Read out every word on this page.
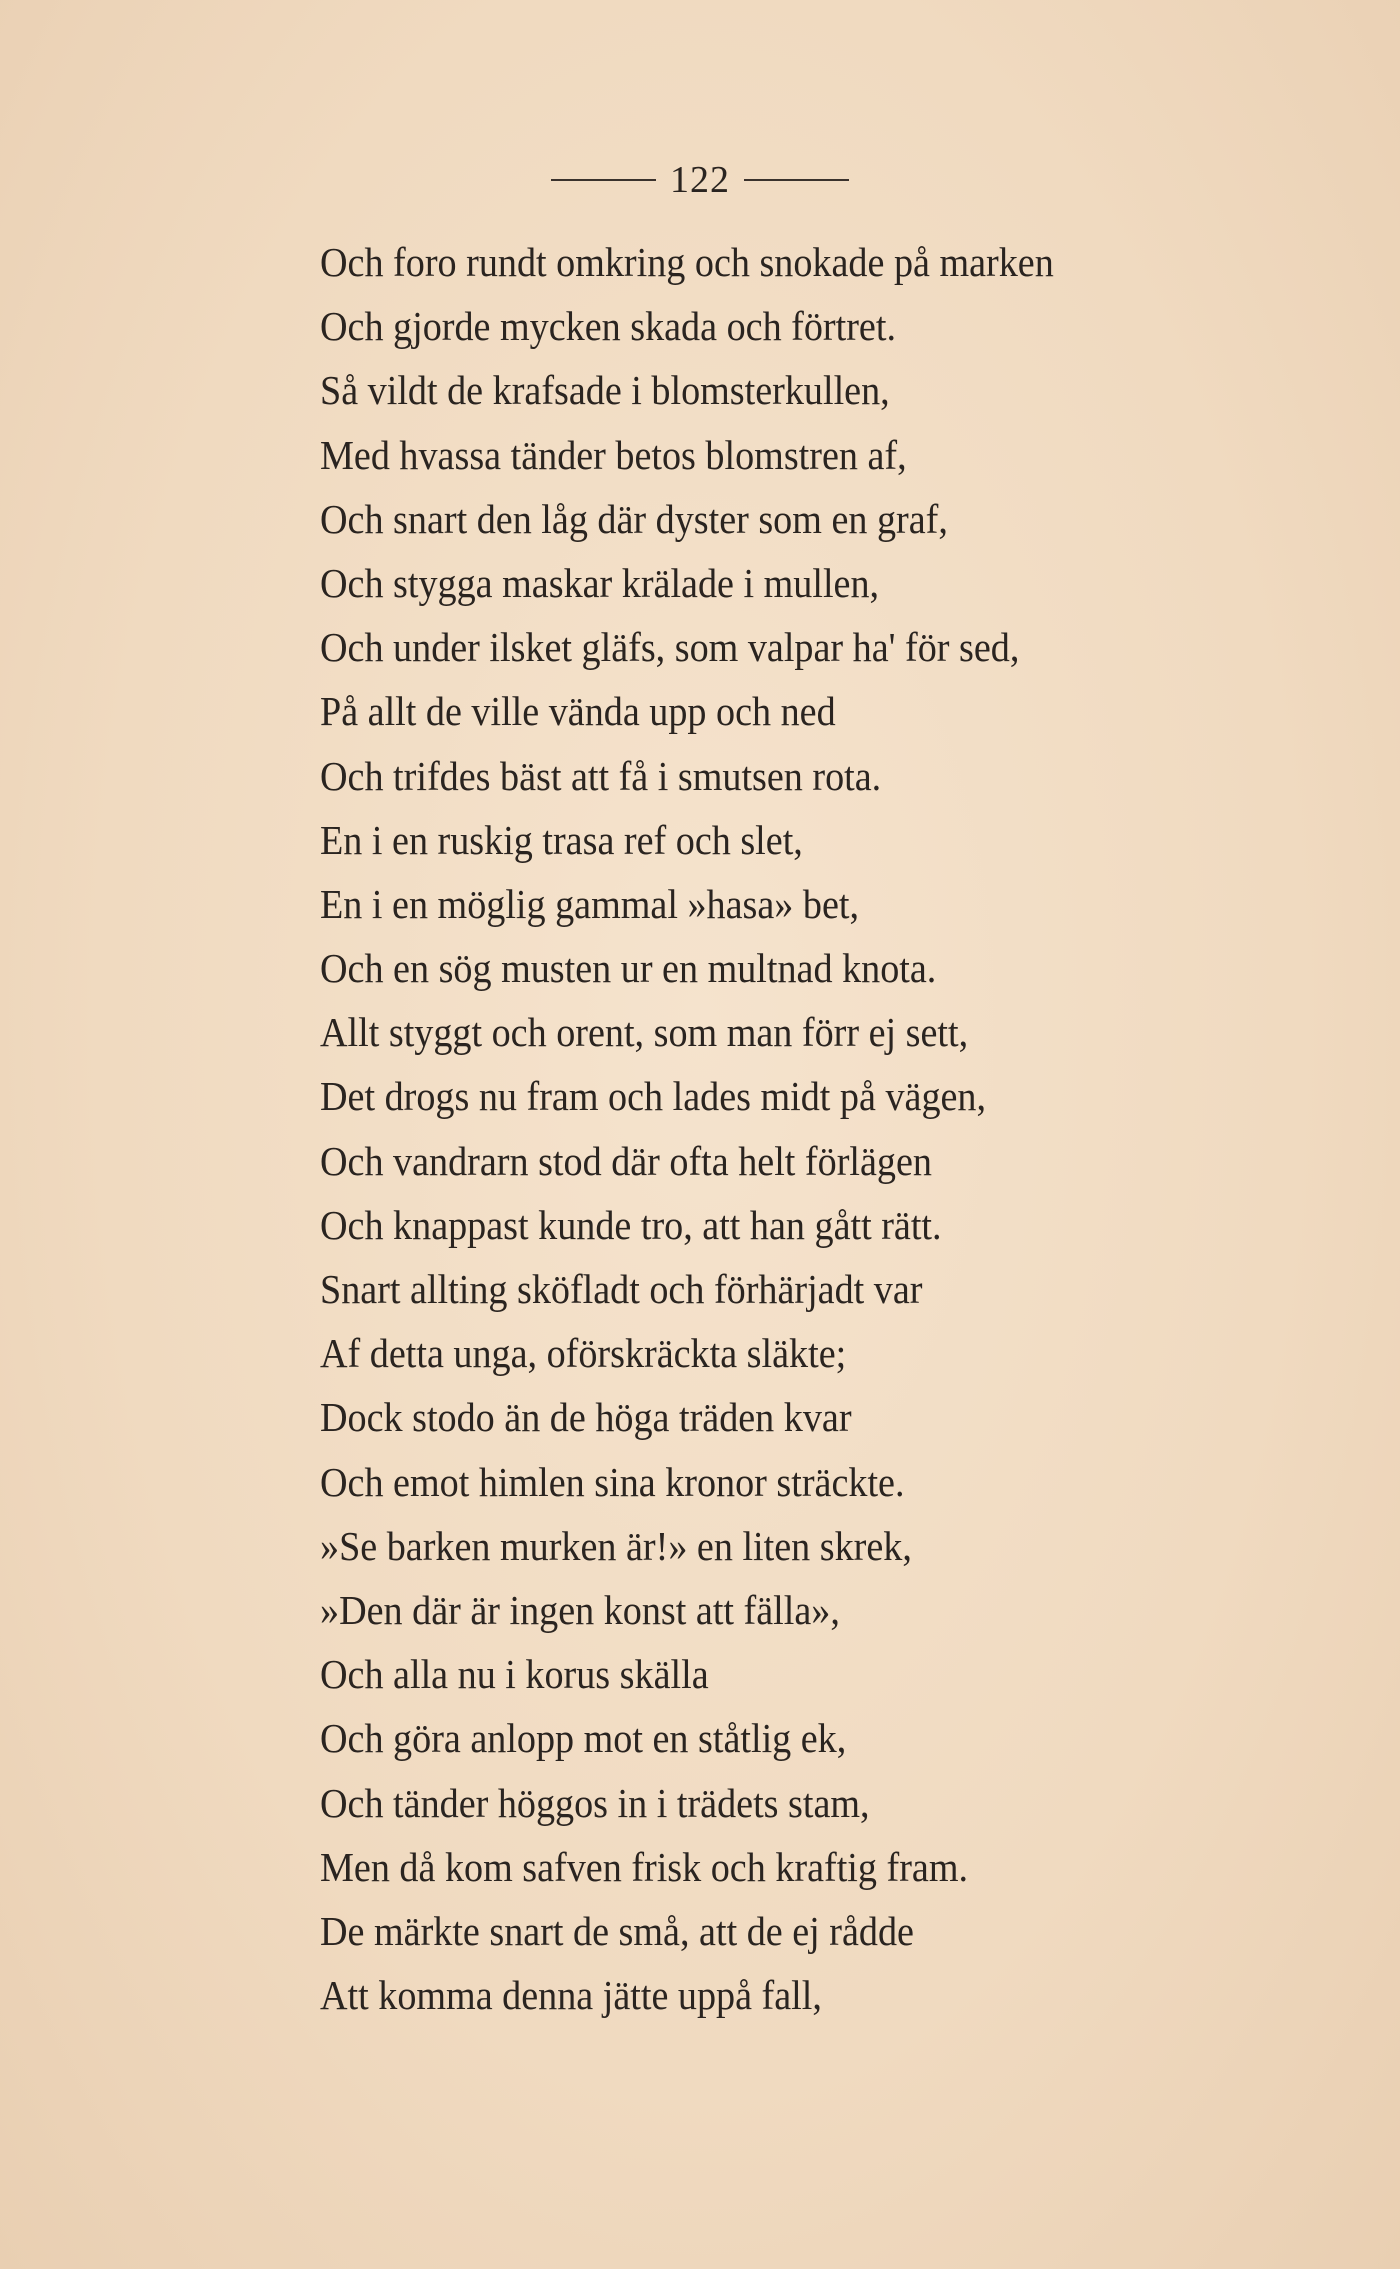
122
Och foro rundt omkring och snokade på marken
Och gjorde mycken skada och förtret.
Så vildt de krafsade i blomsterkullen,
Med hvassa tänder betos blomstren af,
Och snart den låg där dyster som en graf,
Och stygga maskar krälade i mullen,
Och under ilsket gläfs, som valpar ha' för sed,
På allt de ville vända upp och ned
Och trifdes bäst att få i smutsen rota.
En i en ruskig trasa ref och slet,
En i en möglig gammal »hasa» bet,
Och en sög musten ur en multnad knota.
Allt styggt och orent, som man förr ej sett,
Det drogs nu fram och lades midt på vägen,
Och vandrarn stod där ofta helt förlägen
Och knappast kunde tro, att han gått rätt.
Snart allting sköfladt och förhärjadt var
Af detta unga, oförskräckta släkte;
Dock stodo än de höga träden kvar
Och emot himlen sina kronor sträckte.
»Se barken murken är!» en liten skrek,
»Den där är ingen konst att fälla»,
Och alla nu i korus skälla
Och göra anlopp mot en ståtlig ek,
Och tänder höggos in i trädets stam,
Men då kom safven frisk och kraftig fram.
De märkte snart de små, att de ej rådde
Att komma denna jätte uppå fall,
